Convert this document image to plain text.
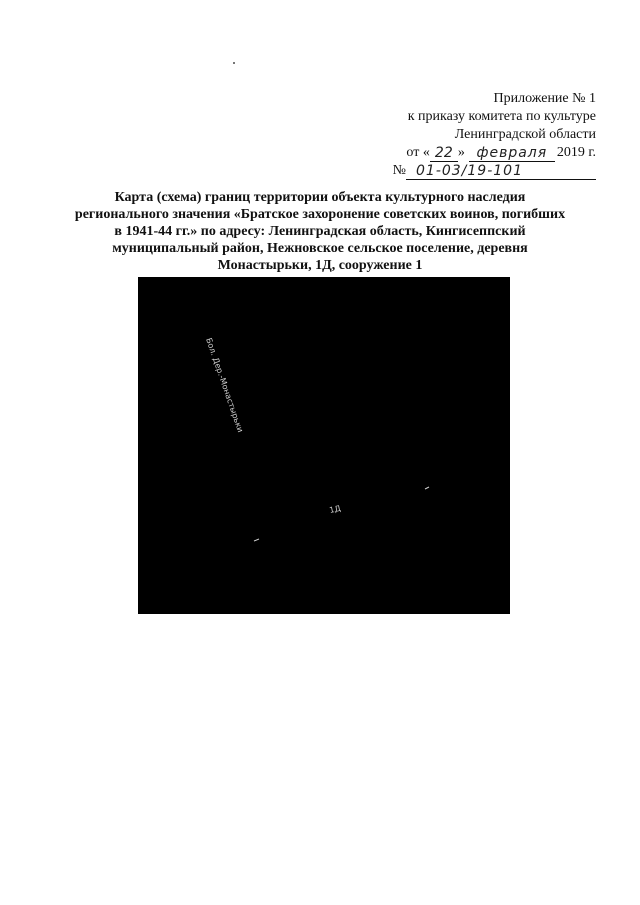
Приложение № 1
к приказу комитета по культуре
Ленинградской области
от « 22 » февраля 2019 г.
№ 01-03/19-101
Карта (схема) границ территории объекта культурного наследия регионального значения «Братское захоронение советских воинов, погибших в 1941-44 гг.» по адресу: Ленинградская область, Кингисеппский муниципальный район, Нежновское сельское поселение, деревня Монастырьки, 1Д, сооружение 1
Бол. Дер.-Монастырьки
1Д
